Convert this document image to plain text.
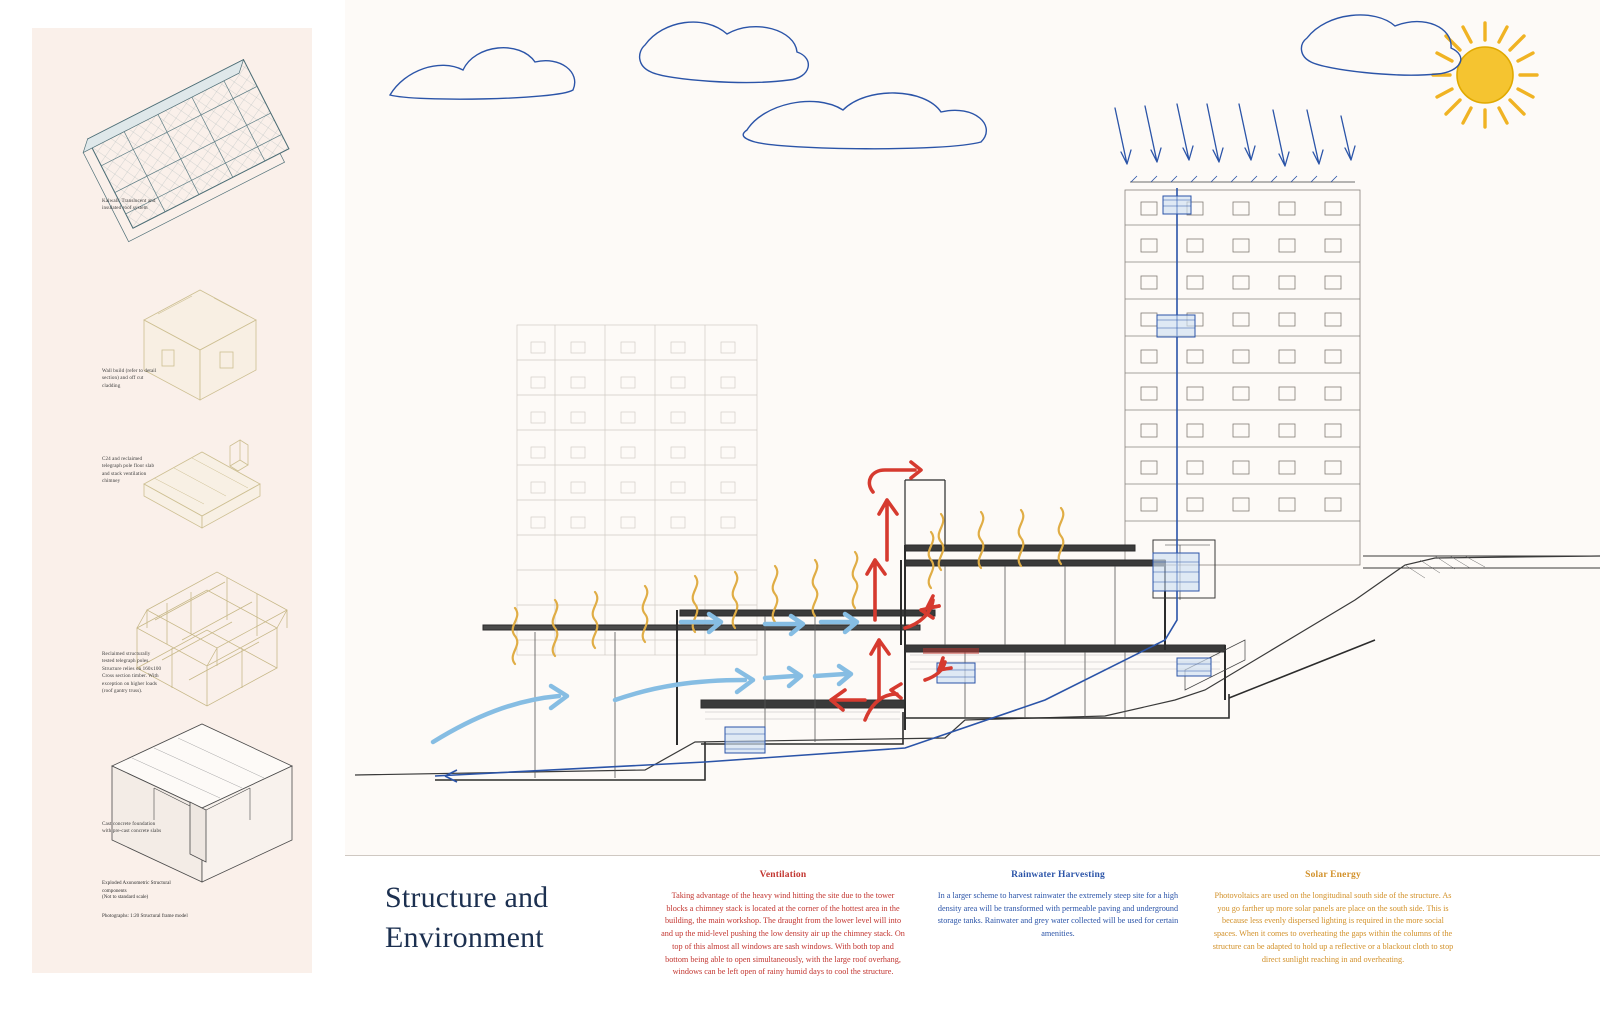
Kalwall. Translucent and insulated roof system
Wall build (refer to detail section) and off cut cladding
C24 and reclaimed telegraph pole floor slab and stack ventilation chimney
Reclaimed structurally tested telegraph poles. Structure relies on 160x100 Cross section timber. With exception on higher loads (roof gantry truss).
Cast concrete foundation with pre-cast concrete slabs
Exploded Axonometric Structural components
(Not to standard scale)
Photographs: 1:20 Structural frame model
Structure and
Environment
Ventilation
Taking advantage of the heavy wind hitting the site due to the tower blocks a chimney stack is located at the corner of the hottest area in the building, the main workshop. The draught from the lower level will into and up the mid-level pushing the low density air up the chimney stack. On top of this almost all windows are sash windows. With both top and bottom being able to open simultaneously, with the large roof overhang, windows can be left open of rainy humid days to cool the structure.
Rainwater Harvesting
In a larger scheme to harvest rainwater the extremely steep site for a high density area will be transformed with permeable paving and underground storage tanks. Rainwater and grey water collected will be used for certain amenities.
Solar Energy
Photovoltaics are used on the longitudinal south side of the structure. As you go farther up more solar panels are place on the south side. This is because less evenly dispersed lighting is required in the more social spaces. When it comes to overheating the gaps within the columns of the structure can be adapted to hold up a reflective or a blackout cloth to stop direct sunlight reaching in and overheating.
